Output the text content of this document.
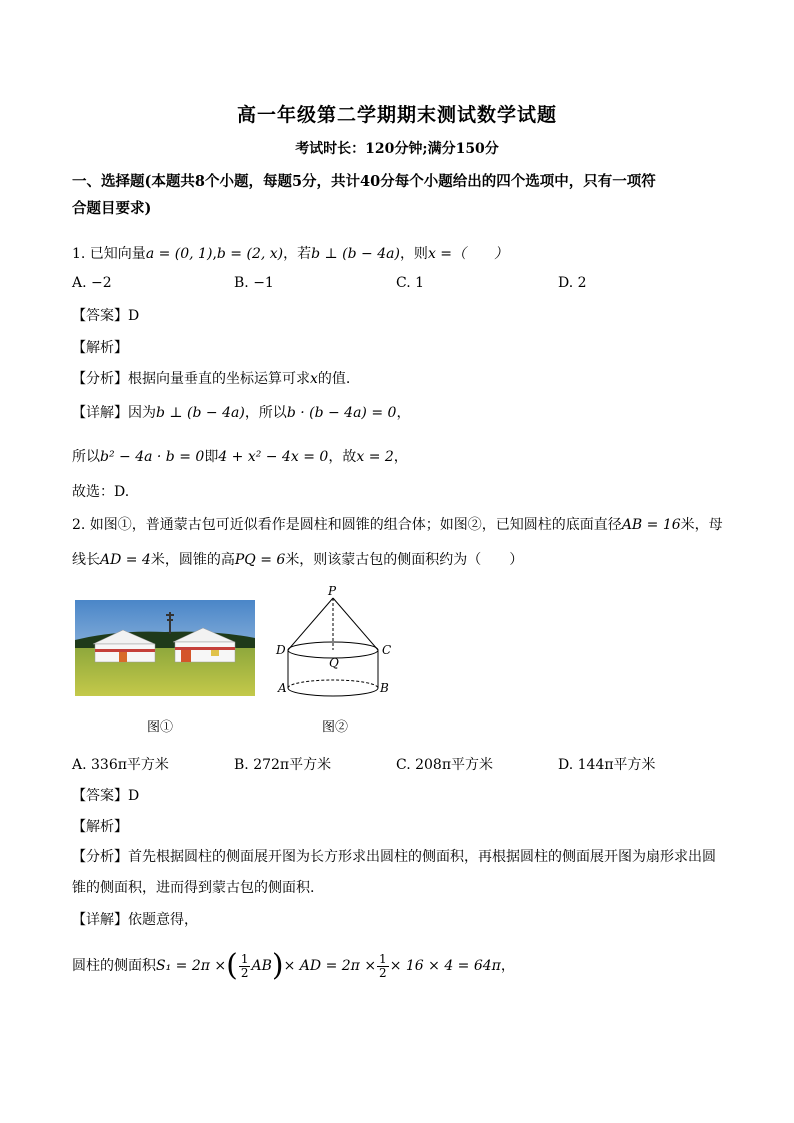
高一年级第二学期期末测试数学试题
考试时长：120分钟;满分150分
一、选择题(本题共8个小题，每题5分，共计40分每个小题给出的四个选项中，只有一项符
合题目要求)
1. 已知向量a = (0, 1),b = (2, x)，若b ⊥ (b − 4a)，则x =（　　）
A. −2	B. −1	C. 1	D. 2
【答案】D
【解析】
【分析】根据向量垂直的坐标运算可求x的值.
【详解】因为b ⊥ (b − 4a)，所以b · (b − 4a) = 0，
所以b² − 4a · b = 0即4 + x² − 4x = 0，故x = 2，
故选：D.
2. 如图①，普通蒙古包可近似看作是圆柱和圆锥的组合体；如图②，已知圆柱的底面直径AB = 16米，母
线长AD = 4米，圆锥的高PQ = 6米，则该蒙古包的侧面积约为（　　）
图①
P
D	C
Q
A	B
图②
A. 336π平方米	B. 272π平方米	C. 208π平方米	D. 144π平方米
【答案】D
【解析】
【分析】首先根据圆柱的侧面展开图为长方形求出圆柱的侧面积，再根据圆柱的侧面展开图为扇形求出圆
锥的侧面积，进而得到蒙古包的侧面积.
【详解】依题意得，
圆柱的侧面积S₁ = 2π ×( $\frac{1}{2} AB)\times$ AD = $2\pi \times \frac{1}{2} \times 16 \times 4 = 64\pi$，
